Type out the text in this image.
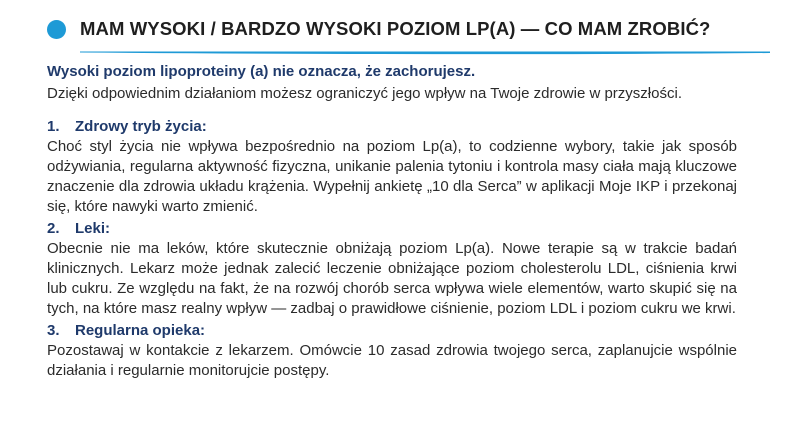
MAM WYSOKI / BARDZO WYSOKI POZIOM LP(A) — CO MAM ZROBIĆ?

Wysoki poziom lipoproteiny (a) nie oznacza, że zachorujesz.

Dzięki odpowiednim działaniom możesz ograniczyć jego wpływ na Twoje zdrowie w przyszłości.

1. Zdrowy tryb życia:

Choć styl życia nie wpływa bezpośrednio na poziom Lp(a), to codzienne wybory, takie jak sposób odżywiania, regularna aktywność fizyczna, unikanie palenia tytoniu i kontrola masy ciała mają kluczowe znaczenie dla zdrowia układu krążenia. Wypełnij ankietę „10 dla Serca” w aplikacji Moje IKP i przekonaj się, które nawyki warto zmienić.

2. Leki:

Obecnie nie ma leków, które skutecznie obniżają poziom Lp(a). Nowe terapie są w trakcie badań klinicznych. Lekarz może jednak zalecić leczenie obniżające poziom cholesterolu LDL, ciśnienia krwi lub cukru. Ze względu na fakt, że na rozwój chorób serca wpływa wiele elementów, warto skupić się na tych, na które masz realny wpływ — zadbaj o prawidłowe ciśnienie, poziom LDL i poziom cukru we krwi.

3. Regularna opieka:

Pozostawaj w kontakcie z lekarzem. Omówcie 10 zasad zdrowia twojego serca, zaplanujcie wspólnie działania i regularnie monitorujcie postępy.
